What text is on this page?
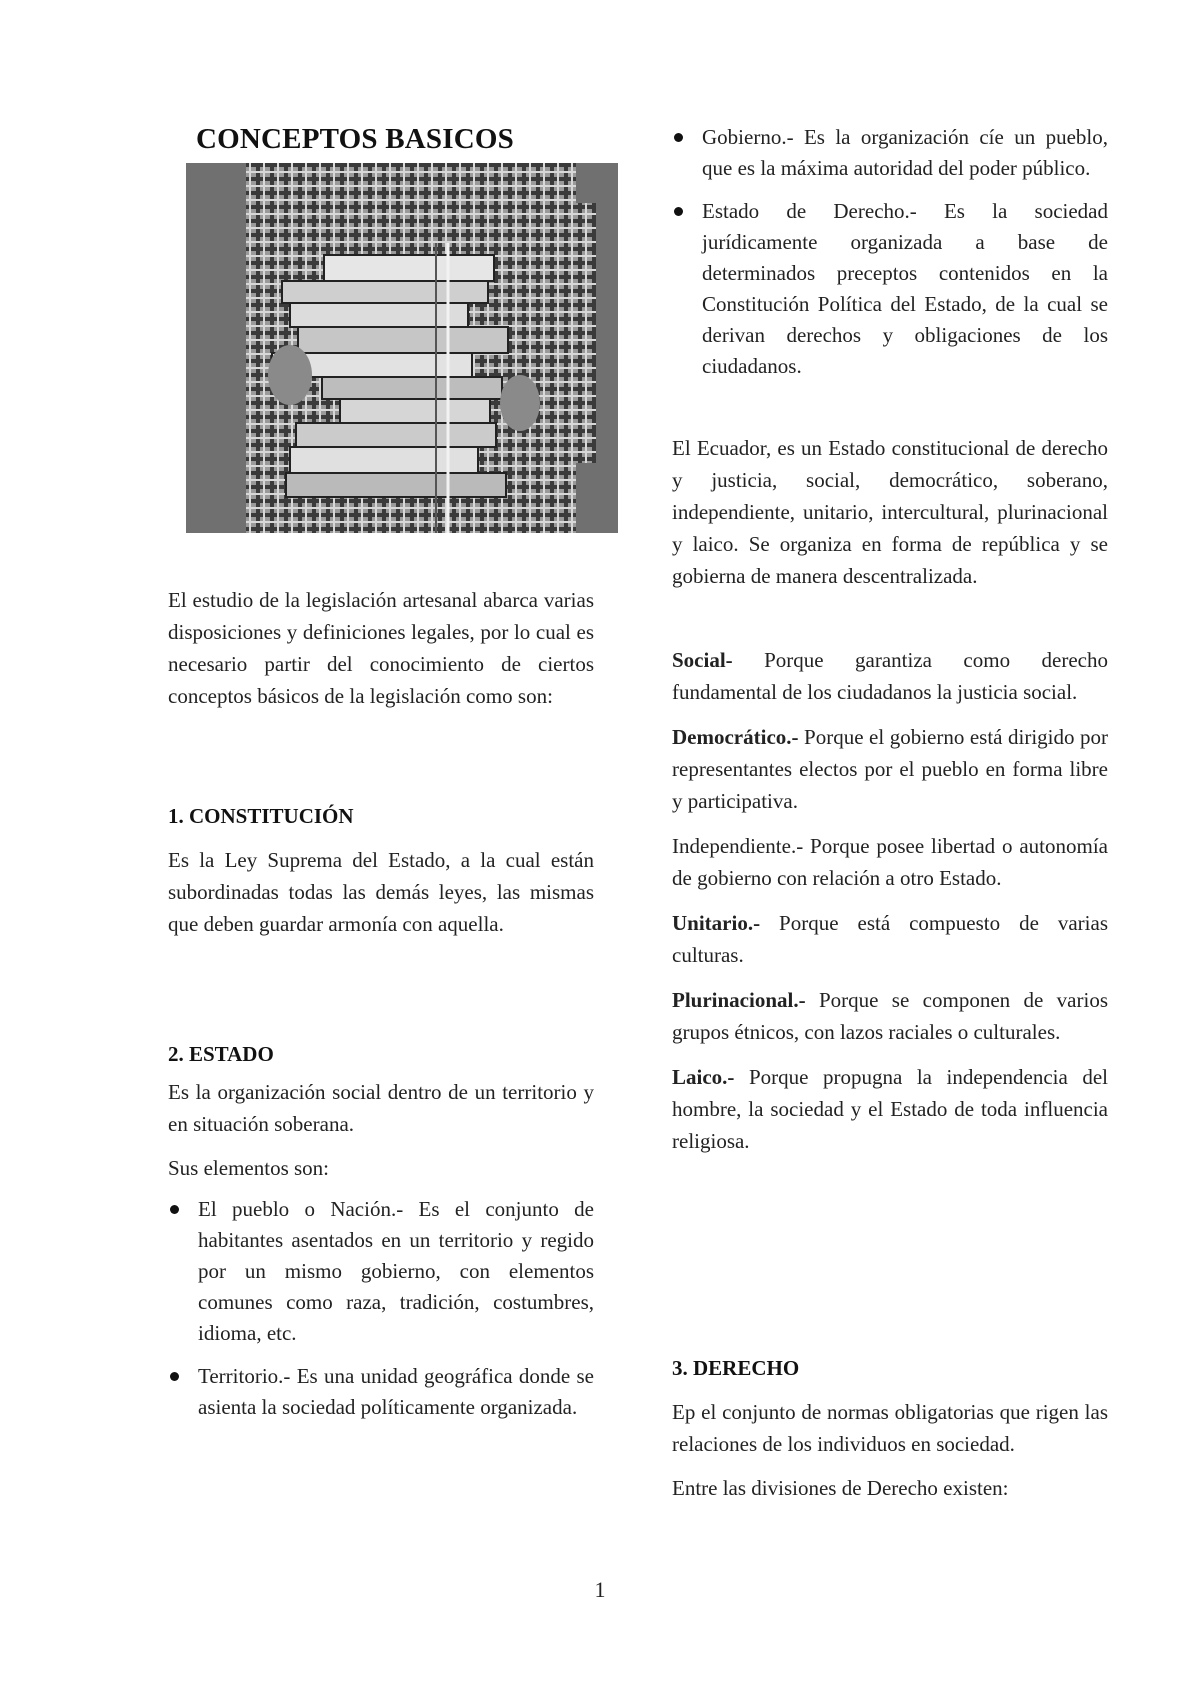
CONCEPTOS BASICOS

El estudio de la legislación artesanal abarca varias disposiciones y definiciones legales, por lo cual es necesario partir del conocimiento de ciertos conceptos básicos de la legislación como son:

1. CONSTITUCIÓN

Es la Ley Suprema del Estado, a la cual están subordinadas todas las demás leyes, las mismas que deben guardar armonía con aquella.

2. ESTADO

Es la organización social dentro de un territorio y en situación soberana.

Sus elementos son:

El pueblo o Nación.- Es el conjunto de habitantes asentados en un territorio y regido por un mismo gobierno, con elementos comunes como raza, tradición, costumbres, idioma, etc.
Territorio.- Es una unidad geográfica donde se asienta la sociedad políticamente organizada.
Gobierno.- Es la organización cíe un pueblo, que es la máxima autoridad del poder público.
Estado de Derecho.- Es la sociedad jurídicamente organizada a base de determinados preceptos contenidos en la Constitución Política del Estado, de la cual se derivan derechos y obligaciones de los ciudadanos.

El Ecuador, es un Estado constitucional de derecho y justicia, social, democrático, soberano, independiente, unitario, intercultural, plurinacional y laico. Se organiza en forma de república y se gobierna de manera descentralizada.

Social- Porque garantiza como derecho fundamental de los ciudadanos la justicia social.

Democrático.- Porque el gobierno está dirigido por representantes electos por el pueblo en forma libre y participativa.

Independiente.- Porque posee libertad o autonomía de gobierno con relación a otro Estado.

Unitario.- Porque está compuesto de varias culturas.

Plurinacional.- Porque se componen de varios grupos étnicos, con lazos raciales o culturales.

Laico.- Porque propugna la independencia del hombre, la sociedad y el Estado de toda influencia religiosa.

3. DERECHO

Ep el conjunto de normas obligatorias que rigen las relaciones de los individuos en sociedad.

Entre las divisiones de Derecho existen:

1
